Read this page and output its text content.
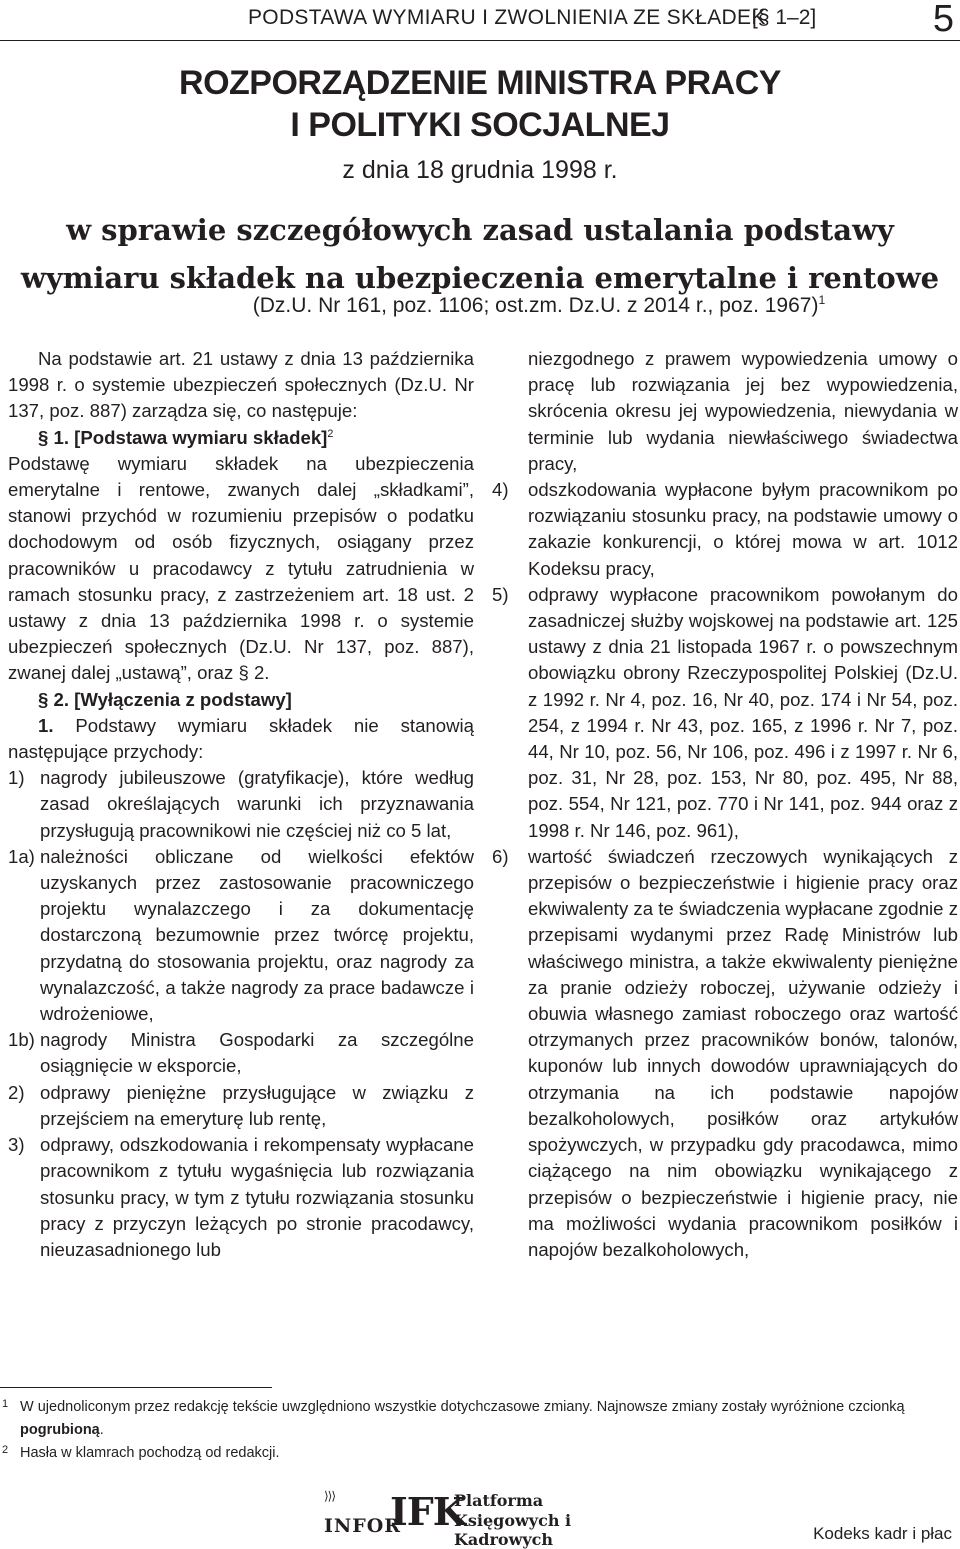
PODSTAWA WYMIARU I ZWOLNIENIA ZE SKŁADEK
[§ 1–2]	5
ROZPORZĄDZENIE MINISTRA PRACY
I POLITYKI SOCJALNEJ
z dnia 18 grudnia 1998 r.
w sprawie szczegółowych zasad ustalania podstawy
wymiaru składek na ubezpieczenia emerytalne i rentowe
(Dz.U. Nr 161, poz. 1106; ost.zm. Dz.U. z 2014 r., poz. 1967)$^1$

Na podstawie art. 21 ustawy z dnia 13 października 1998 r. o systemie ubezpieczeń społecznych (Dz.U. Nr 137, poz. 887) zarządza się, co następuje:

§ 1. [Podstawa wymiaru składek]$^2$

Podstawę wymiaru składek na ubezpieczenia emerytalne i rentowe, zwanych dalej „składkami”, stanowi przychód w rozumieniu przepisów o podatku dochodowym od osób fizycznych, osiągany przez pracowników u pracodawcy z tytułu zatrudnienia w ramach stosunku pracy, z zastrzeżeniem art. 18 ust. 2 ustawy z dnia 13 października 1998 r. o systemie ubezpieczeń społecznych (Dz.U. Nr 137, poz. 887), zwanej dalej „ustawą”, oraz § 2.

§ 2. [Wyłączenia z podstawy]

1. Podstawy wymiaru składek nie stanowią następujące przychody:

1) nagrody jubileuszowe (gratyfikacje), które według zasad określających warunki ich przyznawania przysługują pracownikowi nie częściej niż co 5 lat,
1a) należności obliczane od wielkości efektów uzyskanych przez zastosowanie pracowniczego projektu wynalazczego i za dokumentację dostarczoną bezumownie przez twórcę projektu, przydatną do stosowania projektu, oraz nagrody za wynalazczość, a także nagrody za prace badawcze i wdrożeniowe,
1b) nagrody Ministra Gospodarki za szczególne osiągnięcie w eksporcie,
2) odprawy pieniężne przysługujące w związku z przejściem na emeryturę lub rentę,
3) odprawy, odszkodowania i rekompensaty wypłacane pracownikom z tytułu wygaśnięcia lub rozwiązania stosunku pracy, w tym z tytułu rozwiązania stosunku pracy z przyczyn leżących po stronie pracodawcy, nieuzasadnionego lub

niezgodnego z prawem wypowiedzenia umowy o pracę lub rozwiązania jej bez wypowiedzenia, skrócenia okresu jej wypowiedzenia, niewydania w terminie lub wydania niewłaściwego świadectwa pracy,

4) odszkodowania wypłacone byłym pracownikom po rozwiązaniu stosunku pracy, na podstawie umowy o zakazie konkurencji, o której mowa w art. 1012 Kodeksu pracy,
5) odprawy wypłacone pracownikom powołanym do zasadniczej służby wojskowej na podstawie art. 125 ustawy z dnia 21 listopada 1967 r. o powszechnym obowiązku obrony Rzeczypospolitej Polskiej (Dz.U. z 1992 r. Nr 4, poz. 16, Nr 40, poz. 174 i Nr 54, poz. 254, z 1994 r. Nr 43, poz. 165, z 1996 r. Nr 7, poz. 44, Nr 10, poz. 56, Nr 106, poz. 496 i z 1997 r. Nr 6, poz. 31, Nr 28, poz. 153, Nr 80, poz. 495, Nr 88, poz. 554, Nr 121, poz. 770 i Nr 141, poz. 944 oraz z 1998 r. Nr 146, poz. 961),
6) wartość świadczeń rzeczowych wynikających z przepisów o bezpieczeństwie i higienie pracy oraz ekwiwalenty za te świadczenia wypłacane zgodnie z przepisami wydanymi przez Radę Ministrów lub właściwego ministra, a także ekwiwalenty pieniężne za pranie odzieży roboczej, używanie odzieży i obuwia własnego zamiast roboczego oraz wartość otrzymanych przez pracowników bonów, talonów, kuponów lub innych dowodów uprawniających do otrzymania na ich podstawie napojów bezalkoholowych, posiłków oraz artykułów spożywczych, w przypadku gdy pracodawca, mimo ciążącego na nim obowiązku wynikającego z przepisów o bezpieczeństwie i higienie pracy, nie ma możliwości wydania pracownikom posiłków i napojów bezalkoholowych,
1 W ujednoliconym przez redakcję tekście uwzględniono wszystkie dotychczasowe zmiany. Najnowsze zmiany zostały wyróżnione czcionką pogrubioną.
2 Hasła w klamrach pochodzą od redakcji.
⟩⟩⟩
INFOR
IFK
Platforma
Księgowych i Kadrowych	Kodeks kadr i płac
